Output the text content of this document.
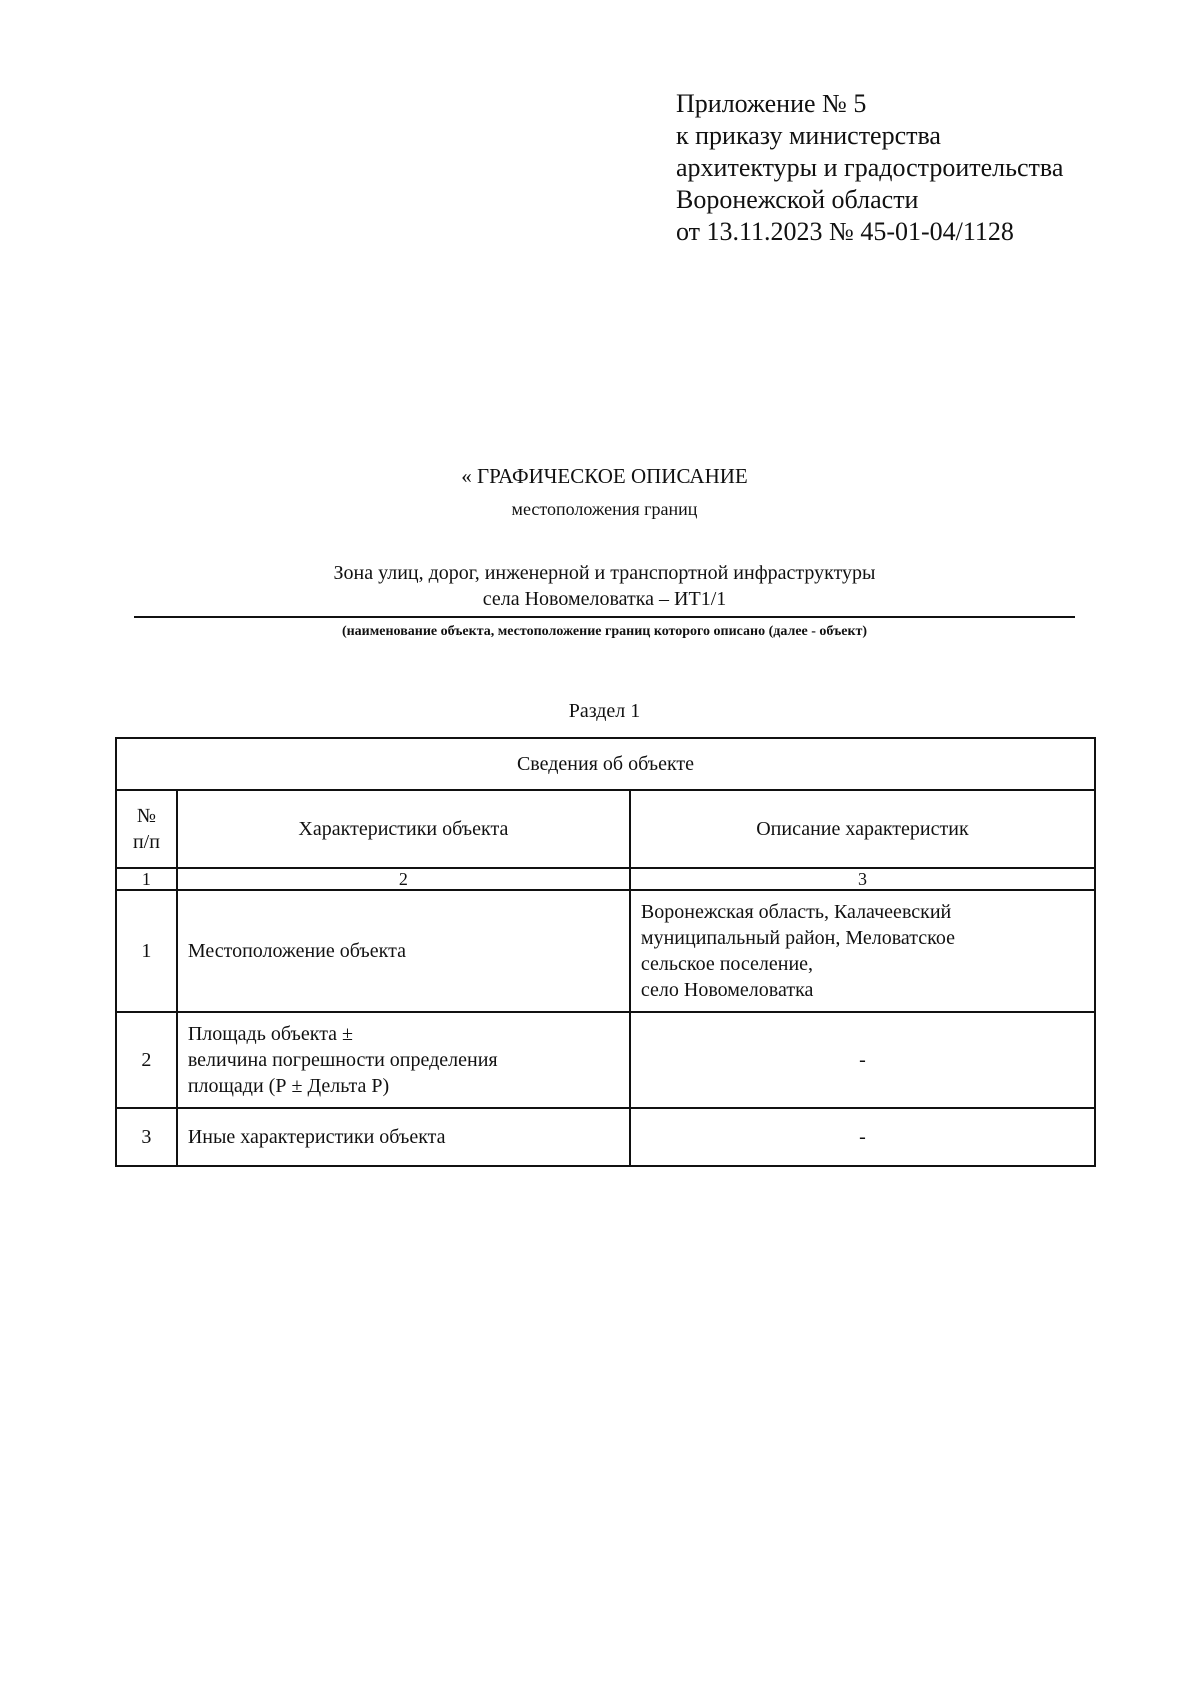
Приложение № 5
к приказу министерства
архитектуры и градостроительства
Воронежской области
от 13.11.2023 № 45-01-04/1128
« ГРАФИЧЕСКОЕ ОПИСАНИЕ
местоположения границ
Зона улиц, дорог, инженерной и транспортной инфраструктуры
села Новомеловатка – ИТ1/1
(наименование объекта, местоположение границ которого описано (далее - объект)
Раздел 1
Сведения об объекте		
№
п/п	Характеристики объекта	Описание характеристик
1	2	3
1	Местоположение объекта	Воронежская область, Калачеевский
муниципальный район, Меловатское
сельское поселение,
село Новомеловатка
2	Площадь объекта ±
величина погрешности определения
площади (Р ± Дельта Р)	-
3	Иные характеристики объекта	-
